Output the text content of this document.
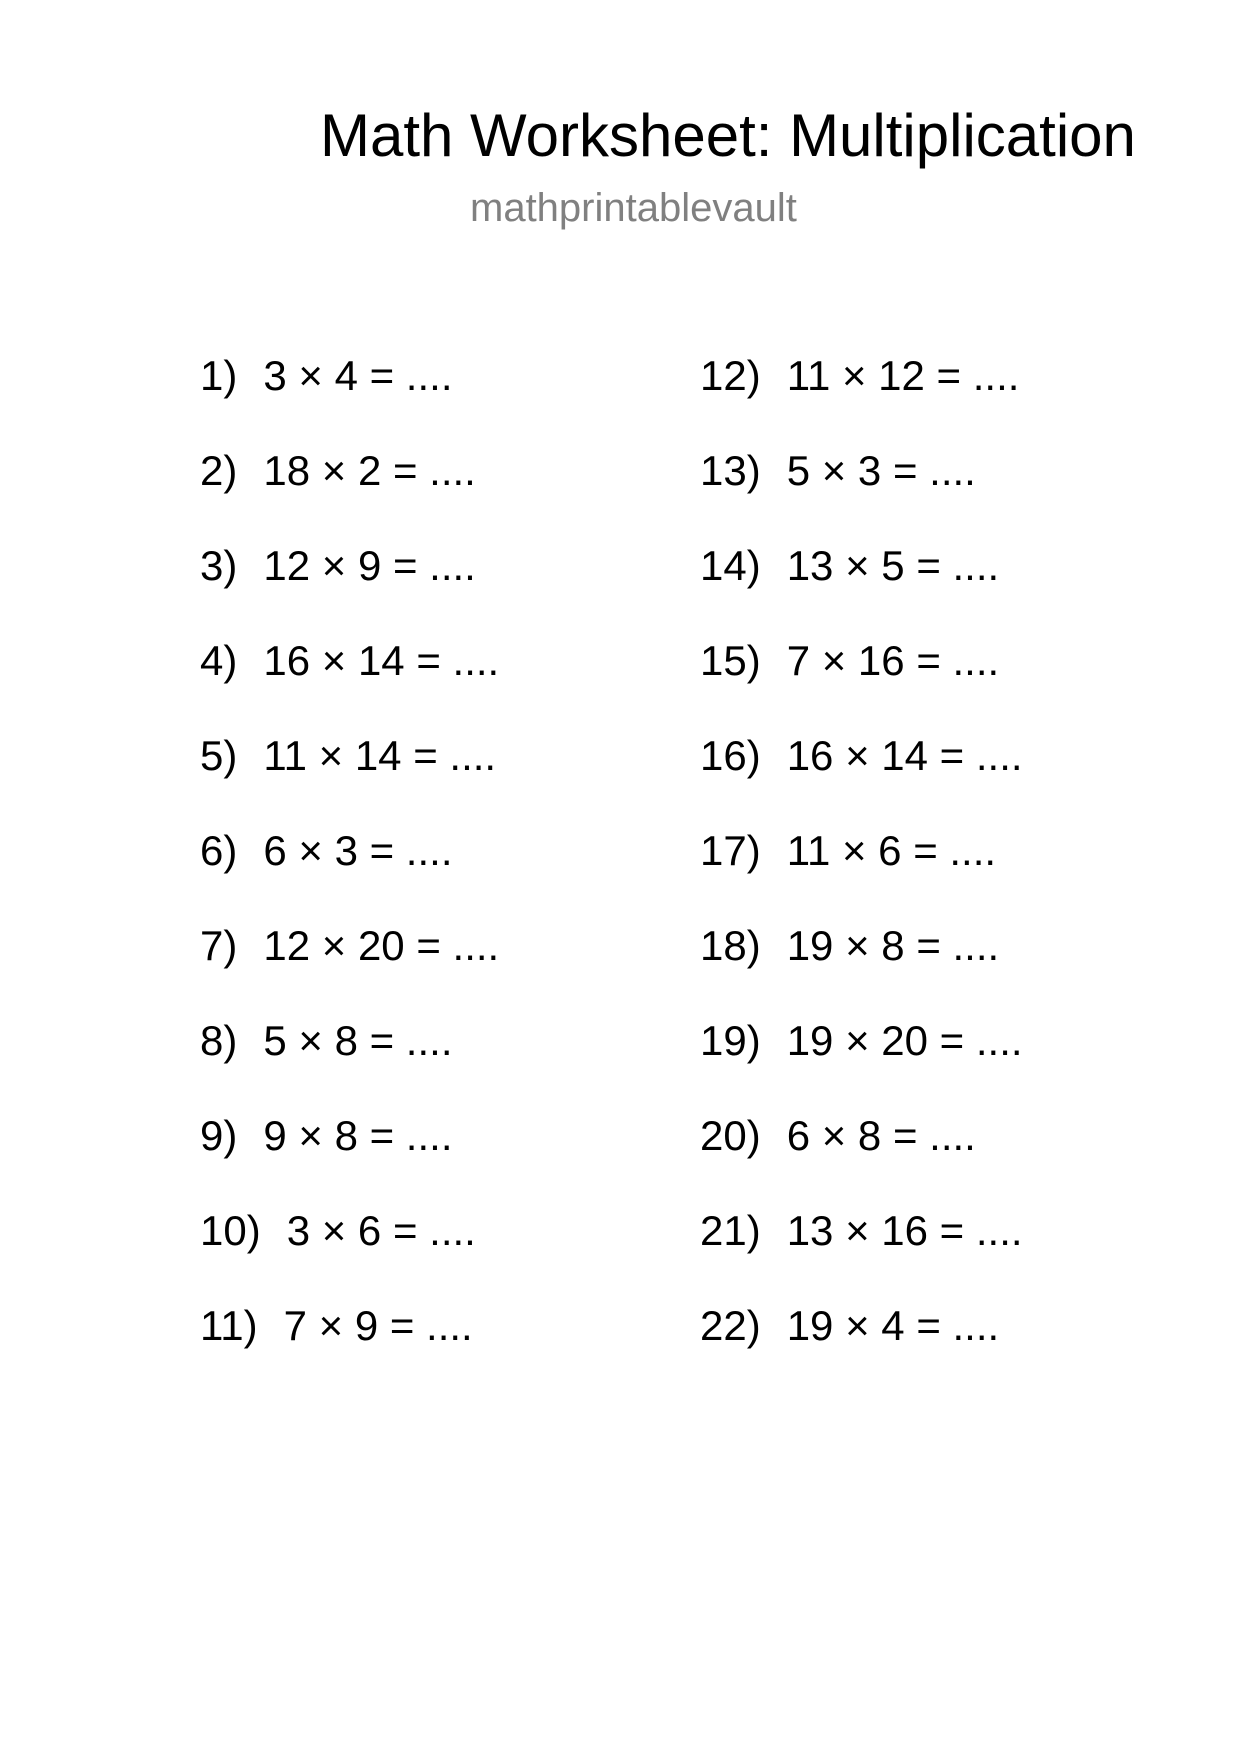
Math Worksheet: Multiplication
mathprintablevault
1) 3 × 4 = ....
2) 18 × 2 = ....
3) 12 × 9 = ....
4) 16 × 14 = ....
5) 11 × 14 = ....
6) 6 × 3 = ....
7) 12 × 20 = ....
8) 5 × 8 = ....
9) 9 × 8 = ....
10) 3 × 6 = ....
11) 7 × 9 = ....
12) 11 × 12 = ....
13) 5 × 3 = ....
14) 13 × 5 = ....
15) 7 × 16 = ....
16) 16 × 14 = ....
17) 11 × 6 = ....
18) 19 × 8 = ....
19) 19 × 20 = ....
20) 6 × 8 = ....
21) 13 × 16 = ....
22) 19 × 4 = ....
